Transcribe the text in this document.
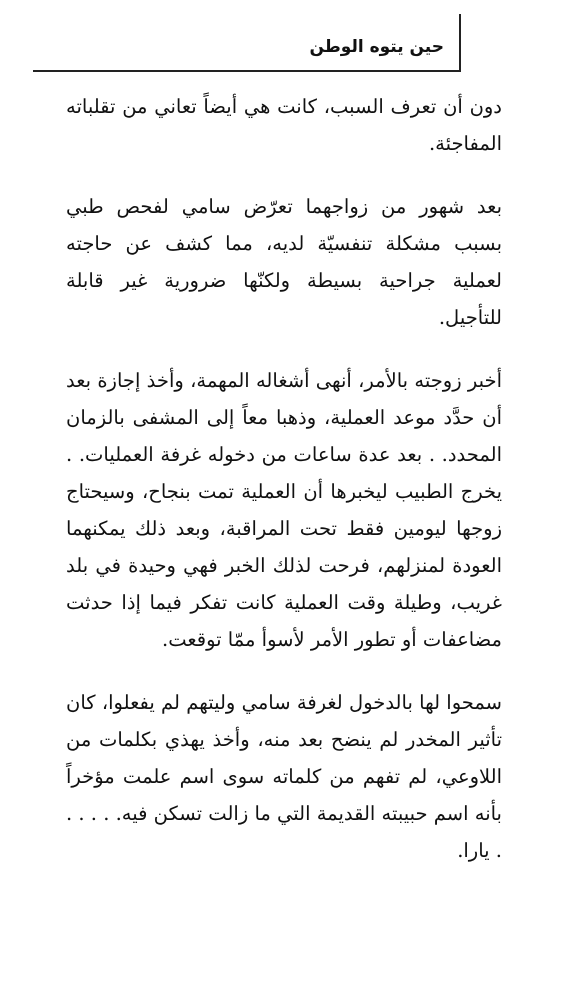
حين يتوه الوطن

دون أن تعرف السبب، كانت هي أيضاً تعاني من تقلباته المفاجئة.

بعد شهور من زواجهما تعرّض سامي لفحص طبي بسبب مشكلة تنفسيّة لديه، مما كشف عن حاجته لعملية جراحية بسيطة ولكنّها ضرورية غير قابلة للتأجيل.

أخبر زوجته بالأمر، أنهى أشغاله المهمة، وأخذ إجازة بعد أن حدَّد موعد العملية، وذهبا معاً إلى المشفى بالزمان المحدد. . بعد عدة ساعات من دخوله غرفة العمليات. . يخرج الطبيب ليخبرها أن العملية تمت بنجاح، وسيحتاج زوجها ليومين فقط تحت المراقبة، وبعد ذلك يمكنهما العودة لمنزلهم، فرحت لذلك الخبر فهي وحيدة في بلد غريب، وطيلة وقت العملية كانت تفكر فيما إذا حدثت مضاعفات أو تطور الأمر لأسوأ ممّا توقعت.

سمحوا لها بالدخول لغرفة سامي وليتهم لم يفعلوا، كان تأثير المخدر لم ينضح بعد منه، وأخذ يهذي بكلمات من اللاوعي، لم تفهم من كلماته سوى اسم علمت مؤخراً بأنه اسم حبيبته القديمة التي ما زالت تسكن فيه. . . . . . يارا.
